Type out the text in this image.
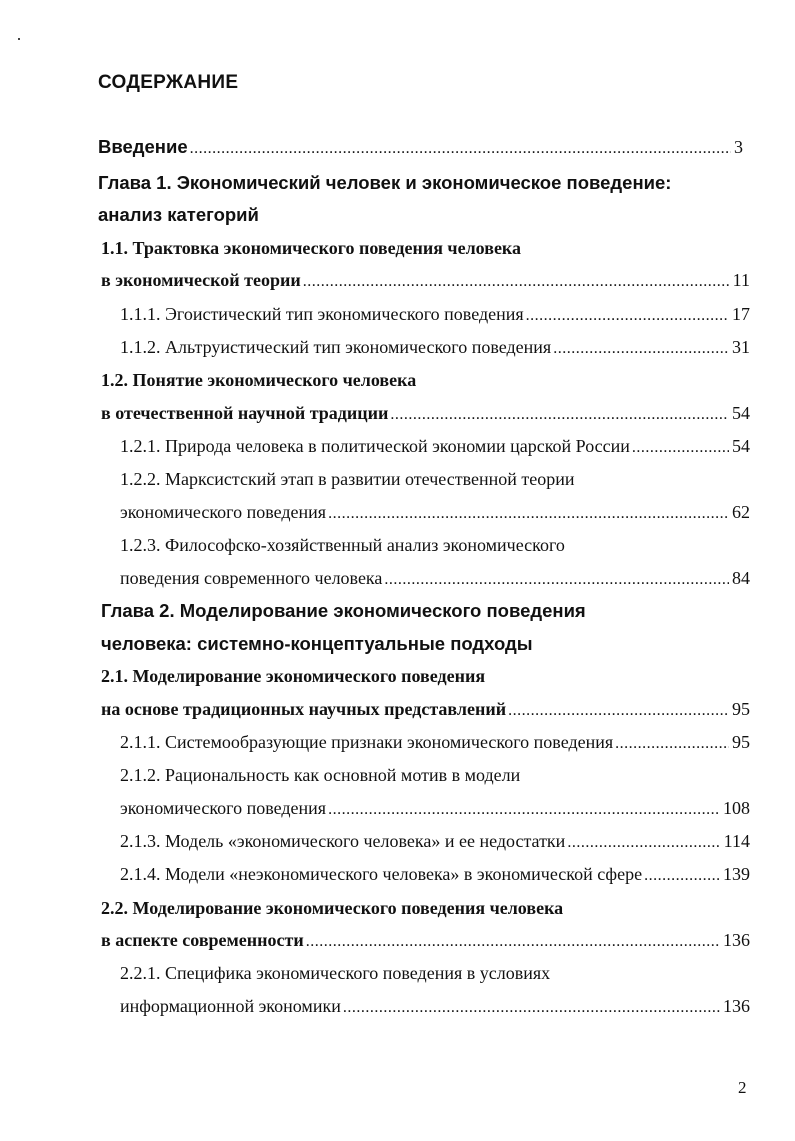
СОДЕРЖАНИЕ
Введение .....	3
Глава 1. Экономический человек и экономическое поведение:
анализ категорий
1.1. Трактовка экономического поведения человека
в экономической теории .....	11
1.1.1. Эгоистический тип экономического поведения .....	17
1.1.2. Альтруистический тип экономического поведения .....	31
1.2. Понятие экономического человека
в отечественной научной традиции .....	54
1.2.1. Природа человека в политической экономии царской России .....	54
1.2.2. Марксистский этап в развитии отечественной теории
экономического поведения .....	62
1.2.3. Философско-хозяйственный анализ экономического
поведения современного человека .....	84
Глава 2. Моделирование экономического поведения
человека: системно-концептуальные подходы
2.1. Моделирование экономического поведения
на основе традиционных научных представлений .....	95
2.1.1. Системообразующие признаки экономического поведения .....	95
2.1.2. Рациональность как основной мотив в модели
экономического поведения .....	108
2.1.3. Модель «экономического человека» и ее недостатки .....	114
2.1.4. Модели «неэкономического человека» в экономической сфере .....	139
2.2. Моделирование экономического поведения человека
в аспекте современности .....	136
2.2.1. Специфика экономического поведения в условиях
информационной экономики .....	136
2
